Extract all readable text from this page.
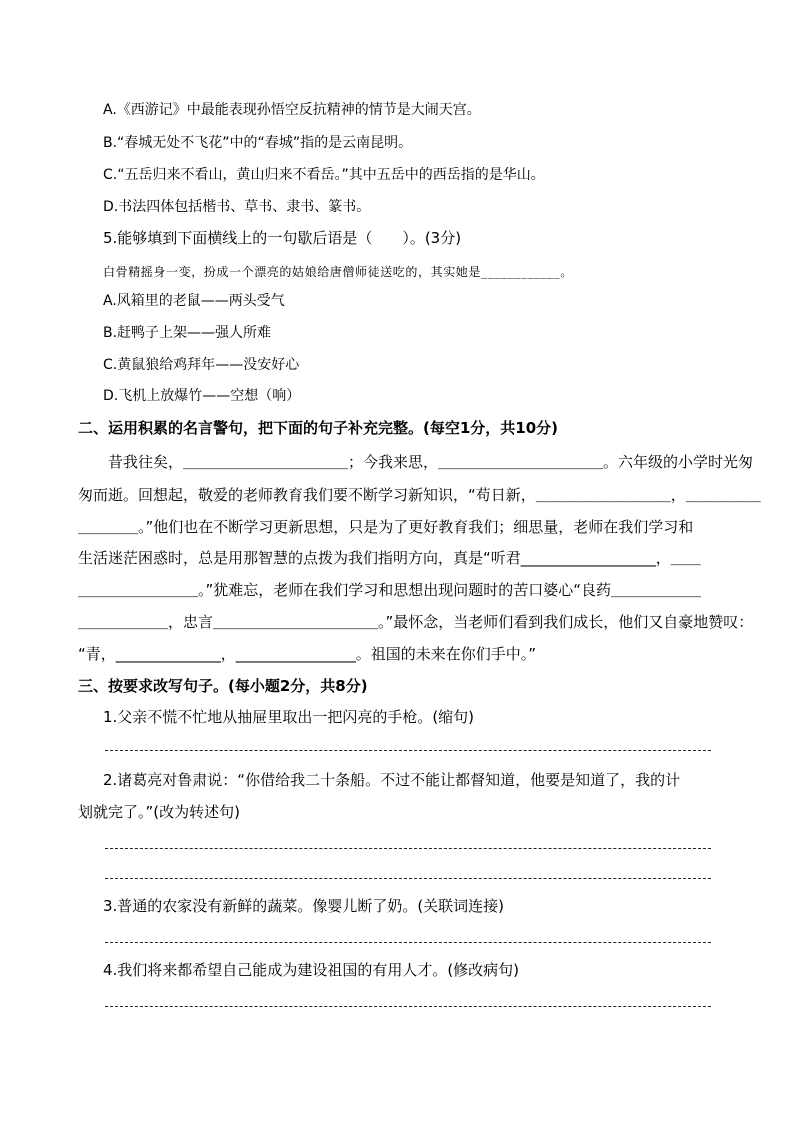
A.《西游记》中最能表现孙悟空反抗精神的情节是大闹天宫。
B.“春城无处不飞花”中的“春城”指的是云南昆明。
C.“五岳归来不看山，黄山归来不看岳。”其中五岳中的西岳指的是华山。
D.书法四体包括楷书、草书、隶书、篆书。
5.能够填到下面横线上的一句歇后语是（　　）。(3分)
白骨精摇身一变，扮成一个漂亮的姑娘给唐僧师徒送吃的，其实她是____________。
A.风箱里的老鼠——两头受气
B.赶鸭子上架——强人所难
C.黄鼠狼给鸡拜年——没安好心
D.飞机上放爆竹——空想（响）
二、运用积累的名言警句，把下面的句子补充完整。(每空1分，共10分)
　　昔我往矣，＿＿＿＿＿＿＿＿＿＿＿；今我来思，＿＿＿＿＿＿＿＿＿＿＿。六年级的小学时光匆
匆而逝。回想起，敬爱的老师教育我们要不断学习新知识，“苟日新，＿＿＿＿＿＿＿＿＿，＿＿＿＿＿
＿＿＿＿。”他们也在不断学习更新思想，只是为了更好教育我们；细思量，老师在我们学习和
生活迷茫困惑时，总是用那智慧的点拨为我们指明方向，真是“听君__________________，＿＿
＿＿＿＿＿＿＿＿。”犹难忘，老师在我们学习和思想出现问题时的苦口婆心“良药＿＿＿＿＿＿
＿＿＿＿＿＿，忠言＿＿＿＿＿＿＿＿＿＿＿。”最怀念，当老师们看到我们成长，他们又自豪地赞叹：
“青，______________，________________。祖国的未来在你们手中。”
三、按要求改写句子。(每小题2分，共8分)
1.父亲不慌不忙地从抽屉里取出一把闪亮的手枪。(缩句)
2.诸葛亮对鲁肃说：“你借给我二十条船。不过不能让都督知道，他要是知道了，我的计
划就完了。”(改为转述句)
3.普通的农家没有新鲜的蔬菜。像婴儿断了奶。(关联词连接)
4.我们将来都希望自己能成为建设祖国的有用人才。(修改病句)
